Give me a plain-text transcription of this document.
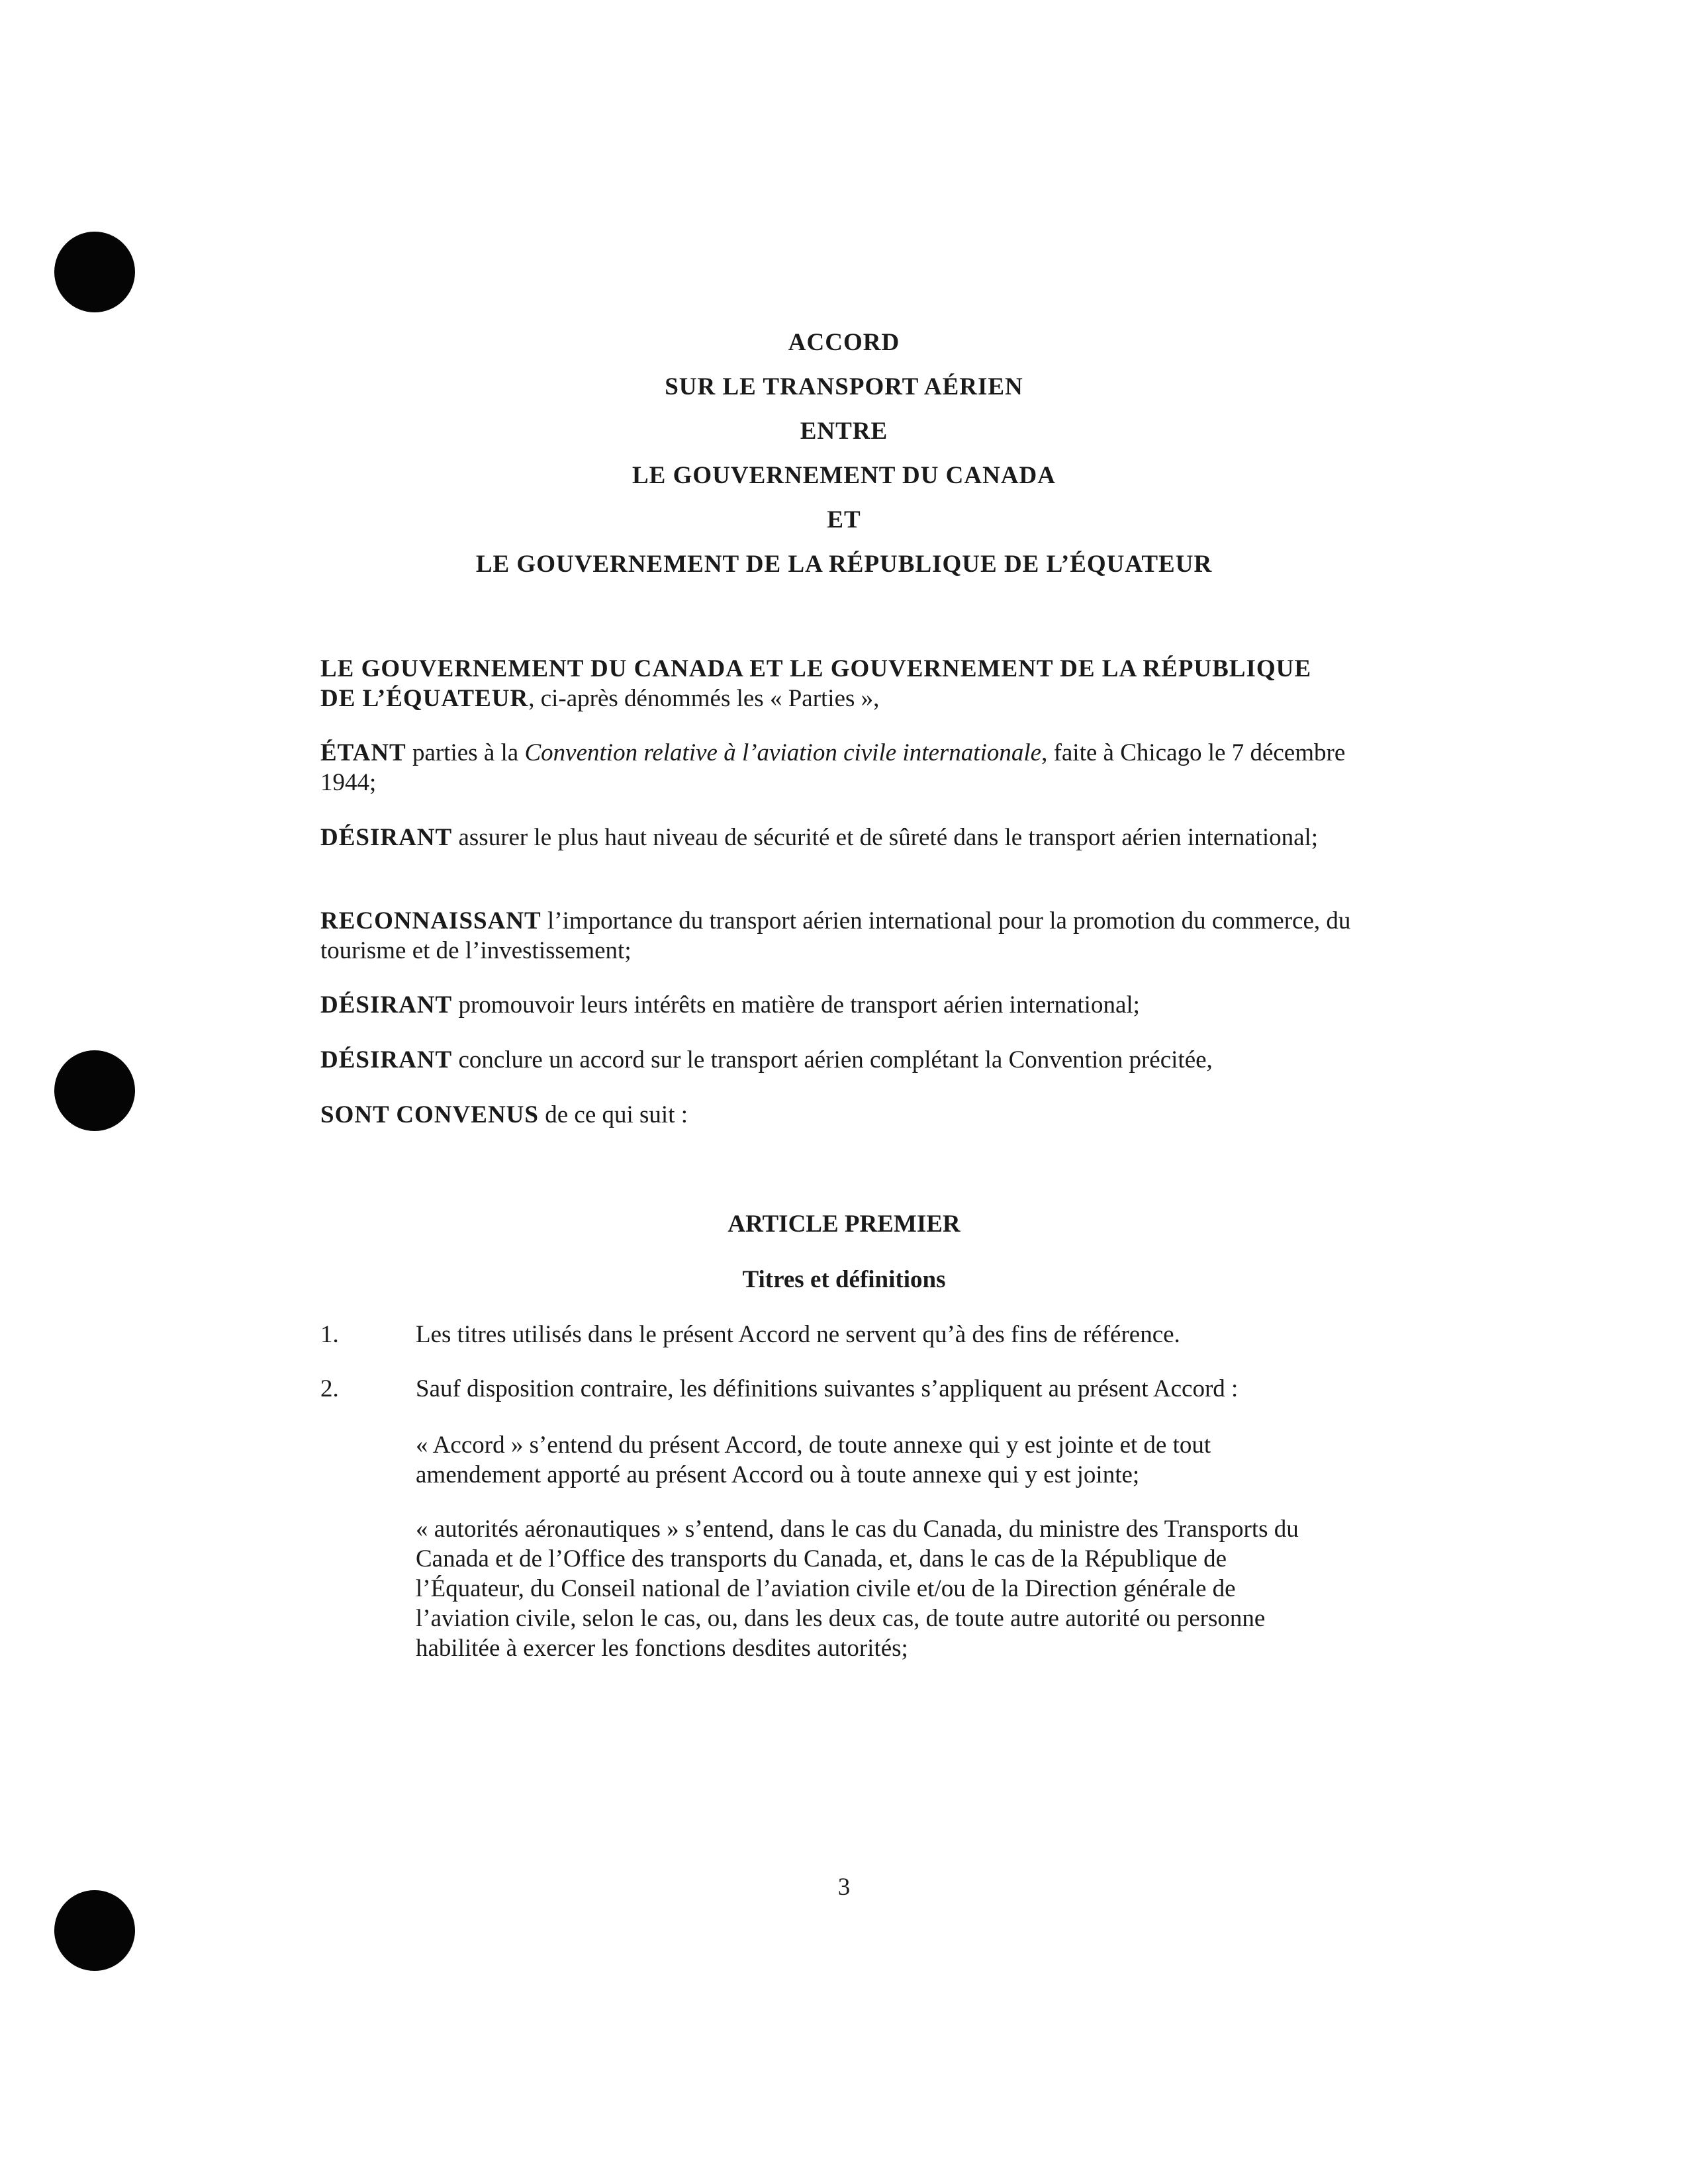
ACCORD
SUR LE TRANSPORT AÉRIEN
ENTRE
LE GOUVERNEMENT DU CANADA
ET
LE GOUVERNEMENT DE LA RÉPUBLIQUE DE L’ÉQUATEUR
LE GOUVERNEMENT DU CANADA ET LE GOUVERNEMENT DE LA RÉPUBLIQUE DE L’ÉQUATEUR, ci-après dénommés les « Parties »,
ÉTANT parties à la Convention relative à l’aviation civile internationale, faite à Chicago le 7 décembre 1944;
DÉSIRANT assurer le plus haut niveau de sécurité et de sûreté dans le transport aérien international;
RECONNAISSANT l’importance du transport aérien international pour la promotion du commerce, du tourisme et de l’investissement;
DÉSIRANT promouvoir leurs intérêts en matière de transport aérien international;
DÉSIRANT conclure un accord sur le transport aérien complétant la Convention précitée,
SONT CONVENUS de ce qui suit :
ARTICLE PREMIER
Titres et définitions
1.	Les titres utilisés dans le présent Accord ne servent qu’à des fins de référence.
2.	Sauf disposition contraire, les définitions suivantes s’appliquent au présent Accord :
« Accord » s’entend du présent Accord, de toute annexe qui y est jointe et de tout amendement apporté au présent Accord ou à toute annexe qui y est jointe;
« autorités aéronautiques » s’entend, dans le cas du Canada, du ministre des Transports du Canada et de l’Office des transports du Canada, et, dans le cas de la République de l’Équateur, du Conseil national de l’aviation civile et/ou de la Direction générale de l’aviation civile, selon le cas, ou, dans les deux cas, de toute autre autorité ou personne habilitée à exercer les fonctions desdites autorités;
3
